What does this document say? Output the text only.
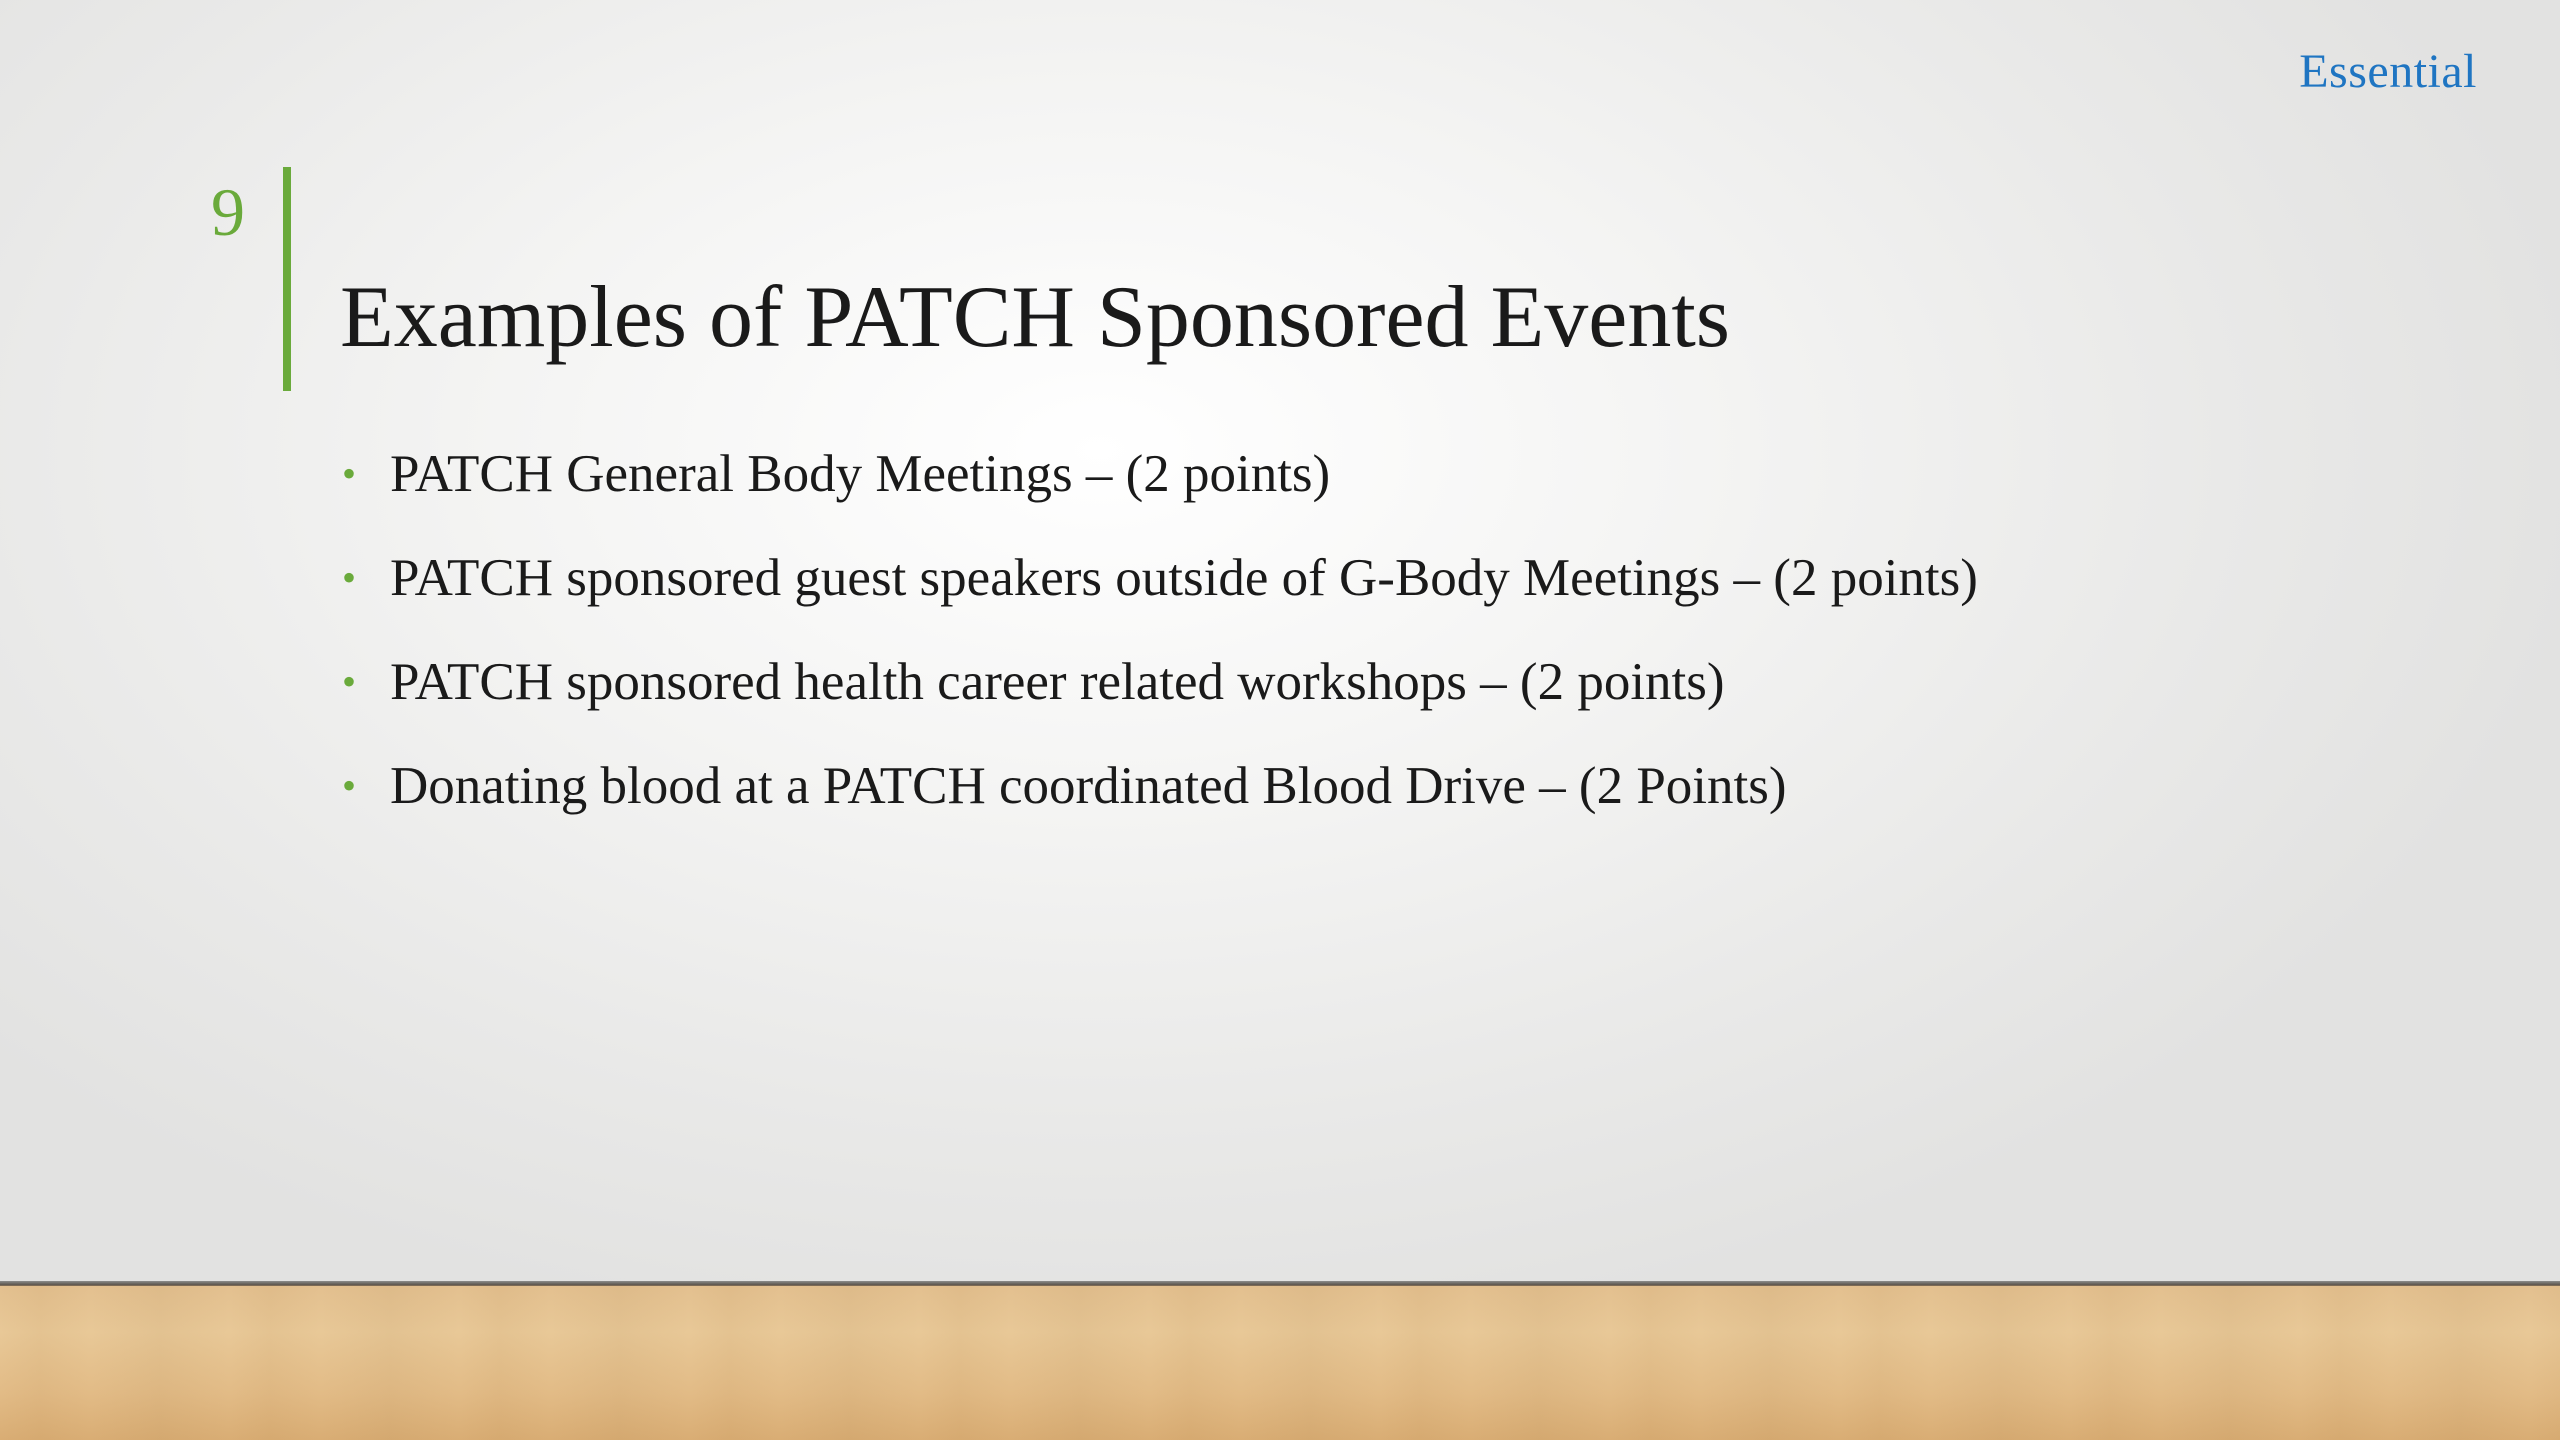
Essential
9
Examples of PATCH Sponsored Events
• PATCH General Body Meetings – (2 points)
• PATCH sponsored guest speakers outside of G-Body Meetings – (2 points)
• PATCH sponsored health career related workshops – (2 points)
• Donating blood at a PATCH coordinated Blood Drive – (2 Points)
